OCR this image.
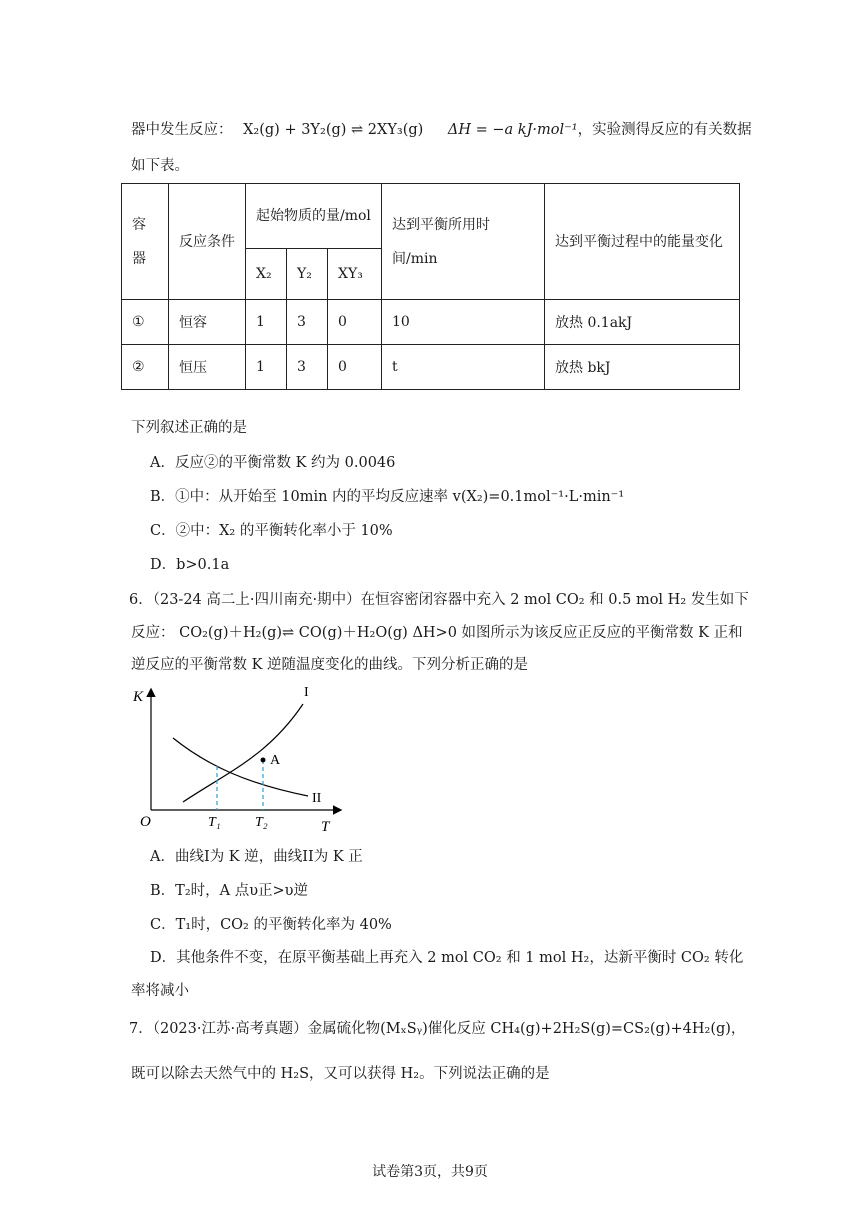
器中发生反应： X₂(g) + 3Y₂(g) ⇌ 2XY₃(g) ΔH = −a kJ·mol⁻¹，实验测得反应的有关数据
如下表。
容器	反应条件	起始物质的量/mol			达到平衡所用时间/min	达到平衡过程中的能量变化
		X₂	Y₂	XY₃		
①	恒容	1	3	0	10	放热 0.1akJ
②	恒压	1	3	0	t	放热 bkJ
下列叙述正确的是
A．反应②的平衡常数 K 约为 0.0046
B．①中：从开始至 10min 内的平均反应速率 v(X₂)=0.1mol⁻¹·L·min⁻¹
C．②中：X₂ 的平衡转化率小于 10%
D．b>0.1a
6．（23-24 高二上·四川南充·期中）在恒容密闭容器中充入 2 mol CO₂ 和 0.5 mol H₂ 发生如下
反应： CO₂(g)＋H₂(g)⇌ CO(g)＋H₂O(g) ΔH>0 如图所示为该反应正反应的平衡常数 K 正和
逆反应的平衡常数 K 逆随温度变化的曲线。下列分析正确的是
K
T
O
I
II
A
T₁ T₂
A．曲线I为 K 逆，曲线II为 K 正
B．T₂时，A 点υ正>υ逆
C．T₁时，CO₂ 的平衡转化率为 40%
D．其他条件不变，在原平衡基础上再充入 2 mol CO₂ 和 1 mol H₂，达新平衡时 CO₂ 转化
率将减小
7．（2023·江苏·高考真题）金属硫化物(MₓSᵧ)催化反应 CH₄(g)+2H₂S(g)=CS₂(g)+4H₂(g)，
既可以除去天然气中的 H₂S，又可以获得 H₂。下列说法正确的是
试卷第3页，共9页
